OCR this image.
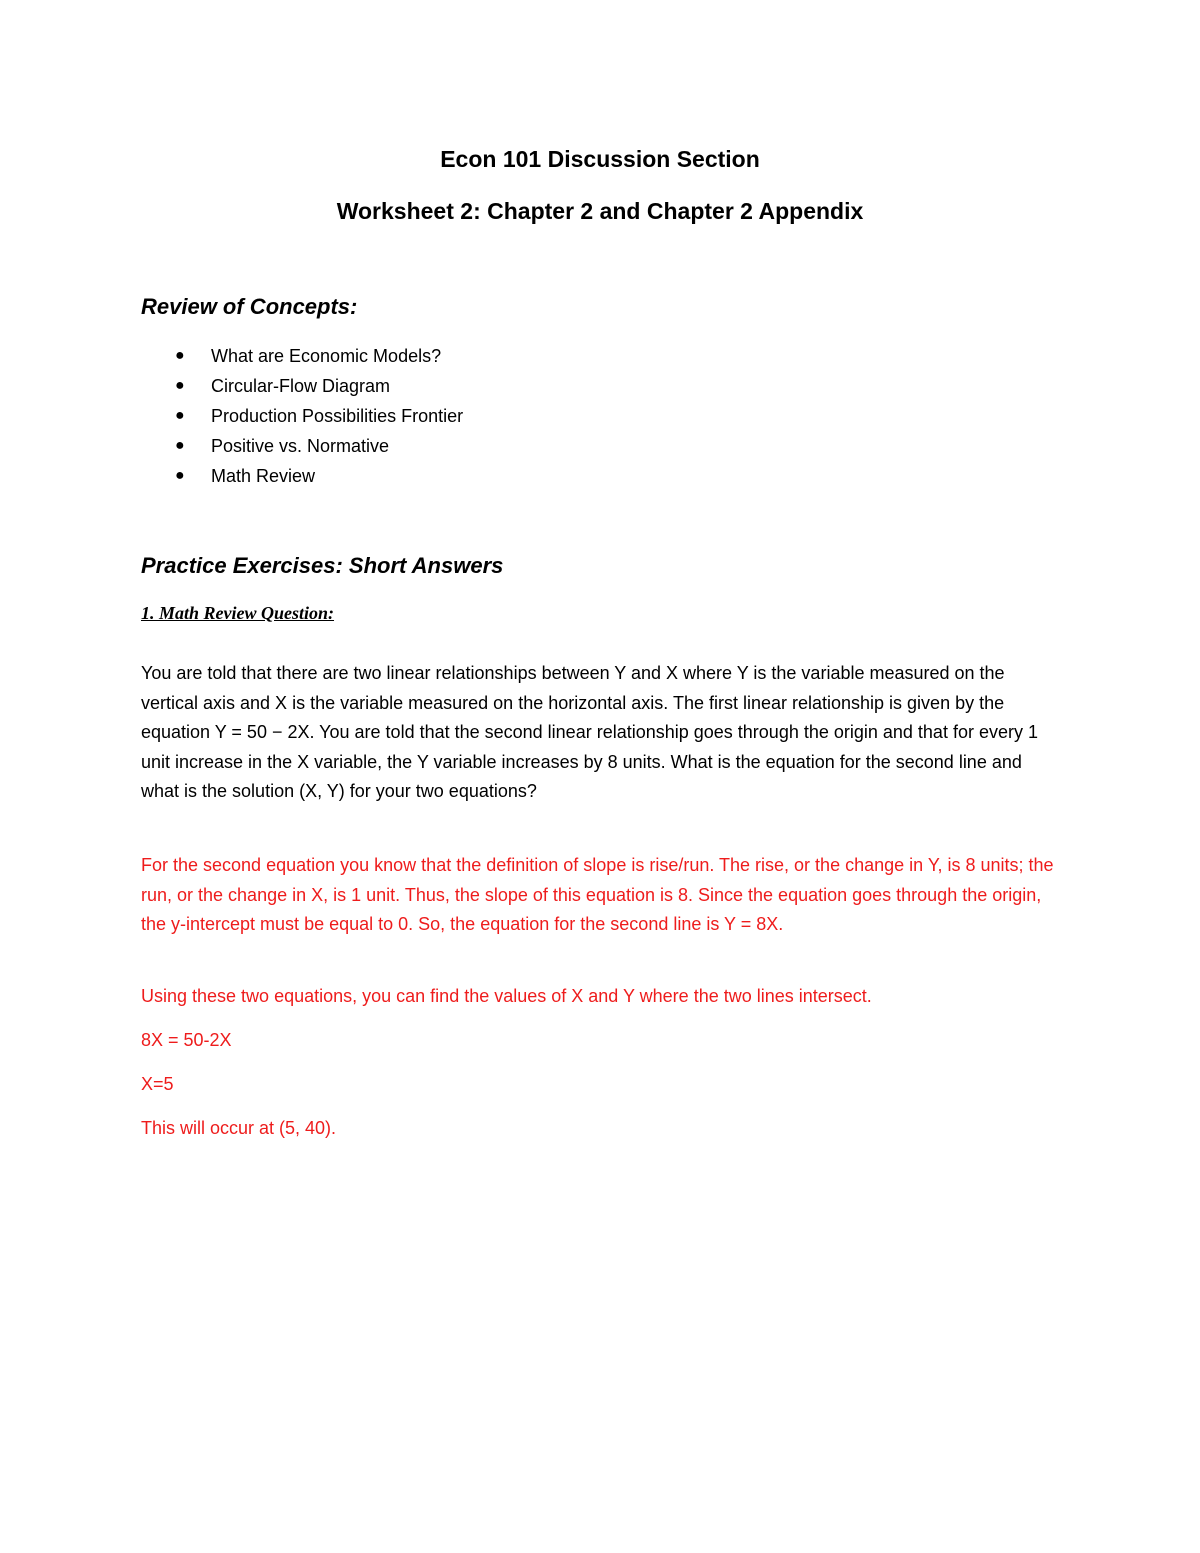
Econ 101 Discussion Section
Worksheet 2: Chapter 2 and Chapter 2 Appendix
Review of Concepts:
● What are Economic Models?
● Circular-Flow Diagram
● Production Possibilities Frontier
● Positive vs. Normative
● Math Review
Practice Exercises: Short Answers
1. Math Review Question:

You are told that there are two linear relationships between Y and X where Y is the variable measured on the vertical axis and X is the variable measured on the horizontal axis. The first linear relationship is given by the equation Y = 50 − 2X. You are told that the second linear relationship goes through the origin and that for every 1 unit increase in the X variable, the Y variable increases by 8 units. What is the equation for the second line and what is the solution (X, Y) for your two equations?

For the second equation you know that the definition of slope is rise/run. The rise, or the change in Y, is 8 units; the run, or the change in X, is 1 unit. Thus, the slope of this equation is 8. Since the equation goes through the origin, the y-intercept must be equal to 0. So, the equation for the second line is Y = 8X.

Using these two equations, you can find the values of X and Y where the two lines intersect.

8X = 50-2X

X=5

This will occur at (5, 40).
